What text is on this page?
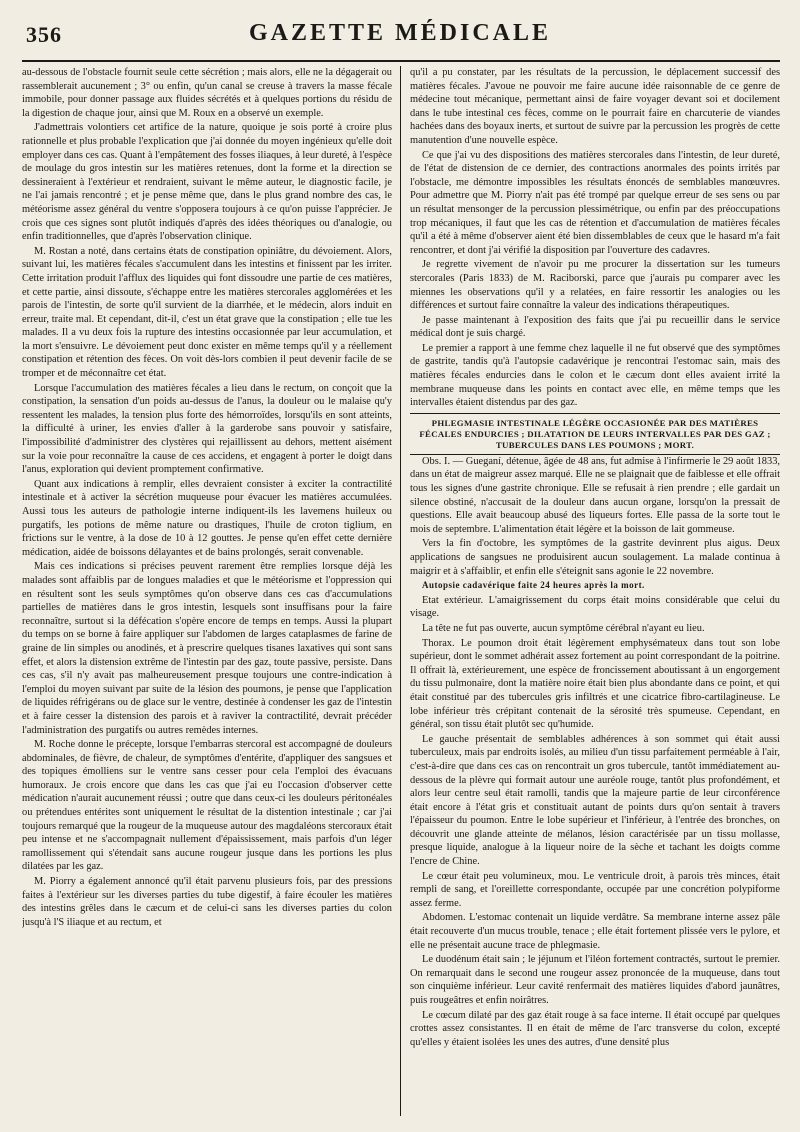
356	GAZETTE MÉDICALE

au-dessous de l'obstacle fournit seule cette sécrétion ; mais alors, elle ne la dégagerait ou rassemblerait aucunement ; 3° ou enfin, qu'un canal se creuse à travers la masse fécale immobile, pour donner passage aux fluides sécrétés et à quelques portions du résidu de la digestion de chaque jour, ainsi que M. Roux en a observé un exemple.

J'admettrais volontiers cet artifice de la nature, quoique je sois porté à croire plus rationnelle et plus probable l'explication que j'ai donnée du moyen ingénieux qu'elle doit employer dans ces cas. Quant à l'empâtement des fosses iliaques, à leur dureté, à l'espèce de moulage du gros intestin sur les matières retenues, dont la forme et la direction se dessineraient à l'extérieur et rendraient, suivant le même auteur, le diagnostic facile, je ne l'ai jamais rencontré ; et je pense même que, dans le plus grand nombre des cas, le météorisme assez général du ventre s'opposera toujours à ce qu'on puisse l'apprécier. Je crois que ces signes sont plutôt indiqués d'après des idées théoriques ou d'analogie, ou enfin traditionnelles, que d'après l'observation clinique.

M. Rostan a noté, dans certains états de constipation opiniâtre, du dévoiement. Alors, suivant lui, les matières fécales s'accumulent dans les intestins et finissent par les irriter. Cette irritation produit l'afflux des liquides qui font dissoudre une partie de ces matières, et cette partie, ainsi dissoute, s'échappe entre les matières stercorales agglomérées et les parois de l'intestin, de sorte qu'il survient de la diarrhée, et le médecin, alors induit en erreur, traite mal. Et cependant, dit-il, c'est un état grave que la constipation ; elle tue les malades. Il a vu deux fois la rupture des intestins occasionnée par leur accumulation, et la mort s'ensuivre. Le dévoiement peut donc exister en même temps qu'il y a réellement constipation et rétention des fèces. On voit dès-lors combien il peut devenir facile de se tromper et de méconnaître cet état.

Lorsque l'accumulation des matières fécales a lieu dans le rectum, on conçoit que la constipation, la sensation d'un poids au-dessus de l'anus, la douleur ou le malaise qu'y ressentent les malades, la tension plus forte des hémorroïdes, lorsqu'ils en sont atteints, la difficulté à uriner, les envies d'aller à la garderobe sans pouvoir y satisfaire, l'impossibilité d'administrer des clystères qui rejaillissent au dehors, mettent aisément sur la voie pour reconnaître la cause de ces accidens, et engagent à porter le doigt dans l'anus, exploration qui devient promptement confirmative.

Quant aux indications à remplir, elles devraient consister à exciter la contractilité intestinale et à activer la sécrétion muqueuse pour évacuer les matières accumulées. Aussi tous les auteurs de pathologie interne indiquent-ils les lavemens huileux ou purgatifs, les potions de même nature ou drastiques, l'huile de croton tiglium, en frictions sur le ventre, à la dose de 10 à 12 gouttes. Je pense qu'en effet cette dernière médication, aidée de boissons délayantes et de bains prolongés, serait convenable.

Mais ces indications si précises peuvent rarement être remplies lorsque déjà les malades sont affaiblis par de longues maladies et que le météorisme et l'oppression qui en résultent sont les seuls symptômes qu'on observe dans ces cas d'accumulations partielles de matières dans le gros intestin, lesquels sont insuffisans pour la faire reconnaître, surtout si la défécation s'opère encore de temps en temps. Aussi la plupart du temps on se borne à faire appliquer sur l'abdomen de larges cataplasmes de farine de graine de lin simples ou anodinés, et à prescrire quelques tisanes laxatives qui sont sans effet, et alors la distension extrême de l'intestin par des gaz, toute passive, persiste. Dans ces cas, s'il n'y avait pas malheureusement presque toujours une contre-indication à l'emploi du moyen suivant par suite de la lésion des poumons, je pense que l'application de liquides réfrigérans ou de glace sur le ventre, destinée à condenser les gaz de l'intestin et à faire cesser la distension des parois et à raviver la contractilité, devrait précéder l'administration des purgatifs ou autres remèdes internes.

M. Roche donne le précepte, lorsque l'embarras stercoral est accompagné de douleurs abdominales, de fièvre, de chaleur, de symptômes d'entérite, d'appliquer des sangsues et des topiques émolliens sur le ventre sans cesser pour cela l'emploi des évacuans humoraux. Je crois encore que dans les cas que j'ai eu l'occasion d'observer cette médication n'aurait aucunement réussi ; outre que dans ceux-ci les douleurs péritonéales ou prétendues entérites sont uniquement le résultat de la distention intestinale ; car j'ai toujours remarqué que la rougeur de la muqueuse autour des magdaléons stercoraux était peu intense et ne s'accompagnait nullement d'épaississement, mais parfois d'un léger ramollissement qui s'étendait sans aucune rougeur jusque dans les portions les plus dilatées par les gaz.

M. Piorry a également annoncé qu'il était parvenu plusieurs fois, par des pressions faites à l'extérieur sur les diverses parties du tube digestif, à faire écouler les matières des intestins grêles dans le cæcum et de celui-ci sans les diverses parties du colon jusqu'à l'S iliaque et au rectum, et

qu'il a pu constater, par les résultats de la percussion, le déplacement successif des matières fécales. J'avoue ne pouvoir me faire aucune idée raisonnable de ce genre de médecine tout mécanique, permettant ainsi de faire voyager devant soi et docilement dans le tube intestinal ces fèces, comme on le pourrait faire en charcuterie de viandes hachées dans des boyaux inerts, et surtout de suivre par la percussion les progrès de cette manutention d'une nouvelle espèce.

Ce que j'ai vu des dispositions des matières stercorales dans l'intestin, de leur dureté, de l'état de distension de ce dernier, des contractions anormales des points irrités par l'obstacle, me démontre impossibles les résultats énoncés de semblables manœuvres. Pour admettre que M. Piorry n'ait pas été trompé par quelque erreur de ses sens ou par un résultat mensonger de la percussion plessimétrique, ou enfin par des préoccupations trop mécaniques, il faut que les cas de rétention et d'accumulation de matières fécales qu'il a été à même d'observer aient été bien dissemblables de ceux que le hasard m'a fait rencontrer, et dont j'ai vérifié la disposition par l'ouverture des cadavres.

Je regrette vivement de n'avoir pu me procurer la dissertation sur les tumeurs stercorales (Paris 1833) de M. Raciborski, parce que j'aurais pu comparer avec les miennes les observations qu'il y a relatées, en faire ressortir les analogies ou les différences et surtout faire connaître la valeur des indications thérapeutiques.

Je passe maintenant à l'exposition des faits que j'ai pu recueillir dans le service médical dont je suis chargé.

Le premier a rapport à une femme chez laquelle il ne fut observé que des symptômes de gastrite, tandis qu'à l'autopsie cadavérique je rencontrai l'estomac sain, mais des matières fécales endurcies dans le colon et le cæcum dont elles avaient irrité la membrane muqueuse dans les points en contact avec elle, en même temps que les intervalles étaient distendus par des gaz.

PHLEGMASIE INTESTINALE LÉGÈRE OCCASIONÉE PAR DES MATIÈRES FÉCALES ENDURCIES ; DILATATION DE LEURS INTERVALLES PAR DES GAZ ; TUBERCULES DANS LES POUMONS ; MORT.

Obs. I. — Gueganí, détenue, âgée de 48 ans, fut admise à l'infirmerie le 29 août 1833, dans un état de maigreur assez marqué. Elle ne se plaignait que de faiblesse et elle offrait tous les signes d'une gastrite chronique. Elle se refusait à rien prendre ; elle gardait un silence obstiné, n'accusait de la douleur dans aucun organe, lorsqu'on la pressait de questions. Elle avait beaucoup abusé des liqueurs fortes. Elle passa de la sorte tout le mois de septembre. L'alimentation était légère et la boisson de lait gommeuse.

Vers la fin d'octobre, les symptômes de la gastrite devinrent plus aigus. Deux applications de sangsues ne produisirent aucun soulagement. La malade continua à maigrir et à s'affaiblir, et enfin elle s'éteignit sans agonie le 22 novembre.

Autopsie cadavérique faite 24 heures après la mort.

Etat extérieur. L'amaigrissement du corps était moins considérable que celui du visage.

La tête ne fut pas ouverte, aucun symptôme cérébral n'ayant eu lieu.

Thorax. Le poumon droit était légèrement emphysémateux dans tout son lobe supérieur, dont le sommet adhérait assez fortement au point correspondant de la poitrine. Il offrait là, extérieurement, une espèce de froncissement aboutissant à un engorgement du tissu pulmonaire, dont la matière noire était bien plus abondante dans ce point, et qui était constitué par des tubercules gris infiltrés et une cicatrice fibro-cartilagineuse. Le lobe inférieur très crépitant contenait de la sérosité très spumeuse. Cependant, en général, son tissu était plutôt sec qu'humide.

Le gauche présentait de semblables adhérences à son sommet qui était aussi tuberculeux, mais par endroits isolés, au milieu d'un tissu parfaitement perméable à l'air, c'est-à-dire que dans ces cas on rencontrait un gros tubercule, tantôt immédiatement au-dessous de la plèvre qui formait autour une auréole rouge, tantôt plus profondément, et alors leur centre seul était ramolli, tandis que la majeure partie de leur circonférence était encore à l'état gris et constituait autant de points durs qu'on sentait à travers l'épaisseur du poumon. Entre le lobe supérieur et l'inférieur, à l'entrée des bronches, on découvrit une glande atteinte de mélanos, lésion caractérisée par un tissu mollasse, presque liquide, analogue à la liqueur noire de la sèche et tachant les doigts comme l'encre de Chine.

Le cœur était peu volumineux, mou. Le ventricule droit, à parois très minces, était rempli de sang, et l'oreillette correspondante, occupée par une concrétion polypiforme assez ferme.

Abdomen. L'estomac contenait un liquide verdâtre. Sa membrane interne assez pâle était recouverte d'un mucus trouble, tenace ; elle était fortement plissée vers le pylore, et elle ne présentait aucune trace de phlegmasie.

Le duodénum était sain ; le jéjunum et l'iléon fortement contractés, surtout le premier. On remarquait dans le second une rougeur assez prononcée de la muqueuse, dans tout son cinquième inférieur. Leur cavité renfermait des matières liquides d'abord jaunâtres, puis rougeâtres et enfin noirâtres.

Le cœcum dilaté par des gaz était rouge à sa face interne. Il était occupé par quelques crottes assez consistantes. Il en était de même de l'arc transverse du colon, excepté qu'elles y étaient isolées les unes des autres, d'une densité plus
